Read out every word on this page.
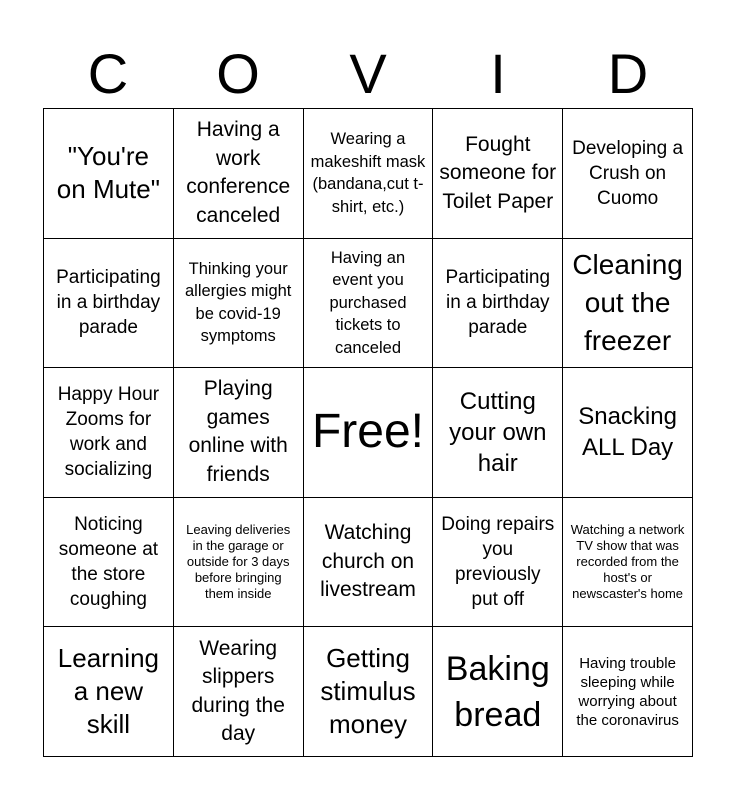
C	O	V	I	D
"You're on Mute"
Having a work conference canceled
Wearing a makeshift mask (bandana,cut t-shirt, etc.)
Fought someone for Toilet Paper
Developing a Crush on Cuomo
Participating in a birthday parade
Thinking your allergies might be covid-19 symptoms
Having an event you purchased tickets to canceled
Participating in a birthday parade
Cleaning out the freezer
Happy Hour Zooms for work and socializing
Playing games online with friends
Free!
Cutting your own hair
Snacking ALL Day
Noticing someone at the store coughing
Leaving deliveries in the garage or outside for 3 days before bringing them inside
Watching church on livestream
Doing repairs you previously put off
Watching a network TV show that was recorded from the host's or newscaster's home
Learning a new skill
Wearing slippers during the day
Getting stimulus money
Baking bread
Having trouble sleeping while worrying about the coronavirus
